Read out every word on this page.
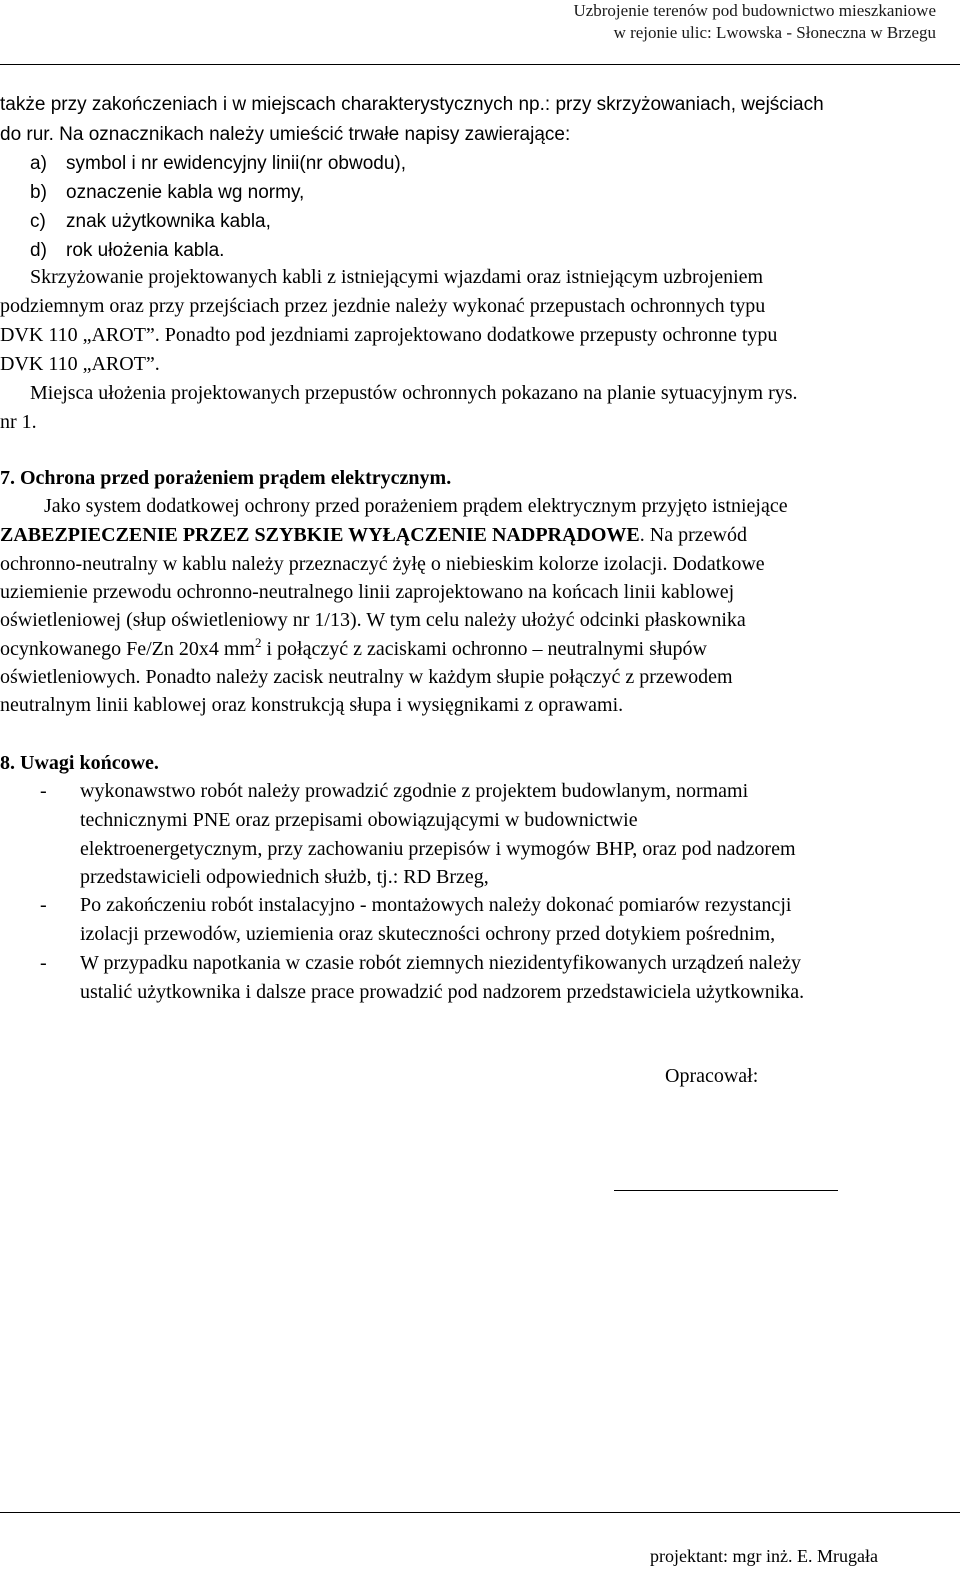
Uzbrojenie terenów pod budownictwo mieszkaniowe
w rejonie ulic: Lwowska - Słoneczna w Brzegu
także przy zakończeniach i w miejscach charakterystycznych np.: przy skrzyżowaniach, wejściach
do rur. Na oznacznikach należy umieścić trwałe napisy zawierające:
a) symbol i nr ewidencyjny linii(nr obwodu),
b) oznaczenie kabla wg normy,
c) znak użytkownika kabla,
d) rok ułożenia kabla.
Skrzyżowanie projektowanych kabli z istniejącymi wjazdami oraz istniejącym uzbrojeniem
podziemnym oraz przy przejściach przez jezdnie należy wykonać przepustach ochronnych typu
DVK 110 „AROT”. Ponadto pod jezdniami zaprojektowano dodatkowe przepusty ochronne typu
DVK 110 „AROT”.
Miejsca ułożenia projektowanych przepustów ochronnych pokazano na planie sytuacyjnym rys.
nr 1.
7. Ochrona przed porażeniem prądem elektrycznym.
Jako system dodatkowej ochrony przed porażeniem prądem elektrycznym przyjęto istniejące
ZABEZPIECZENIE PRZEZ SZYBKIE WYŁĄCZENIE NADPRĄDOWE. Na przewód
ochronno-neutralny w kablu należy przeznaczyć żyłę o niebieskim kolorze izolacji. Dodatkowe
uziemienie przewodu ochronno-neutralnego linii zaprojektowano na końcach linii kablowej
oświetleniowej (słup oświetleniowy nr 1/13). W tym celu należy ułożyć odcinki płaskownika
ocynkowanego Fe/Zn 20x4 $mm^2$ i połączyć z zaciskami ochronno – neutralnymi słupów
oświetleniowych. Ponadto należy zacisk neutralny w każdym słupie połączyć z przewodem
neutralnym linii kablowej oraz konstrukcją słupa i wysięgnikami z oprawami.
8. Uwagi końcowe.
- wykonawstwo robót należy prowadzić zgodnie z projektem budowlanym, normami
technicznymi PNE oraz przepisami obowiązującymi w budownictwie
elektroenergetycznym, przy zachowaniu przepisów i wymogów BHP, oraz pod nadzorem
przedstawicieli odpowiednich służb, tj.: RD Brzeg,
- Po zakończeniu robót instalacyjno - montażowych należy dokonać pomiarów rezystancji
izolacji przewodów, uziemienia oraz skuteczności ochrony przed dotykiem pośrednim,
- W przypadku napotkania w czasie robót ziemnych niezidentyfikowanych urządzeń należy
ustalić użytkownika i dalsze prace prowadzić pod nadzorem przedstawiciela użytkownika.
Opracował:
projektant: mgr inż. E. Mrugała
